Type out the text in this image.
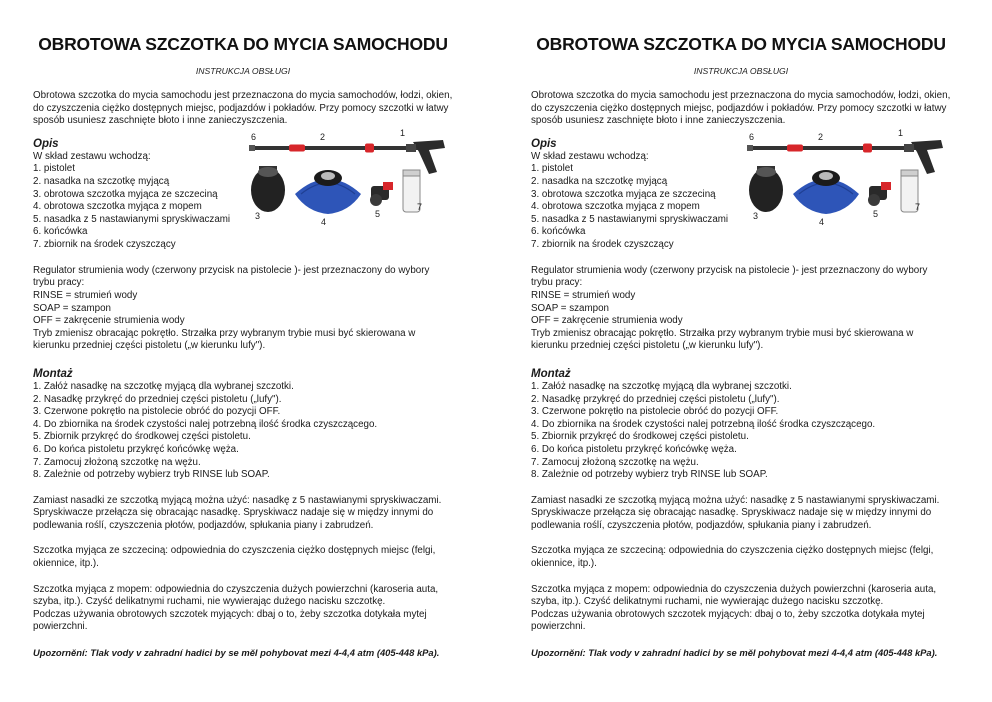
OBROTOWA SZCZOTKA DO MYCIA SAMOCHODU
INSTRUKCJA OBSŁUGI

Obrotowa szczotka do mycia samochodu jest przeznaczona do mycia samochodów, łodzi, okien, do czyszczenia ciężko dostępnych miejsc, podjazdów i pokładów. Przy pomocy szczotki w łatwy sposób usuniesz zaschnięte błoto i inne zanieczyszczenia.

Opis
W skład zestawu wchodzą:
1. pistolet
2. nasadka na szczotkę myjącą
3. obrotowa szczotka myjąca ze szczeciną
4. obrotowa szczotka myjąca z mopem
5. nasadka z 5 nastawianymi spryskiwaczami
6. końcówka
7. zbiornik na środek czyszczący
6	2	1
3
4
5
7

Regulator strumienia wody (czerwony przycisk na pistolecie )- jest przeznaczony do wybory trybu pracy:

RINSE = strumień wody

SOAP = szampon

OFF = zakręcenie strumienia wody

Tryb zmienisz obracając pokrętło. Strzałka przy wybranym trybie musi być skierowana w kierunku przedniej części pistoletu („w kierunku lufy").

Montaż

1. Załóż nasadkę na szczotkę myjącą dla wybranej szczotki.

2. Nasadkę przykręć do przedniej części pistoletu („lufy").

3. Czerwone pokrętło na pistolecie obróć do pozycji OFF.

4. Do zbiornika na środek czystości nalej potrzebną ilość środka czyszczącego.

5. Zbiornik przykręć do środkowej części pistoletu.

6. Do końca pistoletu przykręć końcówkę węża.

7. Zamocuj złożoną szczotkę na wężu.

8. Zależnie od potrzeby wybierz tryb RINSE lub SOAP.

Zamiast nasadki ze szczotką myjącą można użyć: nasadkę z 5 nastawianymi spryskiwaczami. Spryskiwacze przełącza się obracając nasadkę. Spryskiwacz nadaje się w między innymi do podlewania roślí, czyszczenia płotów, podjazdów, spłukania piany i zabrudzeń.

Szczotka myjąca ze szczeciną: odpowiednia do czyszczenia ciężko dostępnych miejsc (felgi, okiennice, itp.).

Szczotka myjąca z mopem: odpowiednia do czyszczenia dużych powierzchni (karoseria auta, szyba, itp.). Czyść delikatnymi ruchami, nie wywierając dużego nacisku szczotkę.

Podczas używania obrotowych szczotek myjących: dbaj o to, żeby szczotka dotykała mytej powierzchni.

Upozornění: Tlak vody v zahradní hadici by se měl pohybovat mezi 4-4,4 atm (405-448 kPa).

OBROTOWA SZCZOTKA DO MYCIA SAMOCHODU
INSTRUKCJA OBSŁUGI

Obrotowa szczotka do mycia samochodu jest przeznaczona do mycia samochodów, łodzi, okien, do czyszczenia ciężko dostępnych miejsc, podjazdów i pokładów. Przy pomocy szczotki w łatwy sposób usuniesz zaschnięte błoto i inne zanieczyszczenia.

Opis
W skład zestawu wchodzą:
1. pistolet
2. nasadka na szczotkę myjącą
3. obrotowa szczotka myjąca ze szczeciną
4. obrotowa szczotka myjąca z mopem
5. nasadka z 5 nastawianymi spryskiwaczami
6. końcówka
7. zbiornik na środek czyszczący
6	2	1
3
4
5
7

Regulator strumienia wody (czerwony przycisk na pistolecie )- jest przeznaczony do wybory trybu pracy:

RINSE = strumień wody

SOAP = szampon

OFF = zakręcenie strumienia wody

Tryb zmienisz obracając pokrętło. Strzałka przy wybranym trybie musi być skierowana w kierunku przedniej części pistoletu („w kierunku lufy").

Montaż

1. Załóż nasadkę na szczotkę myjącą dla wybranej szczotki.

2. Nasadkę przykręć do przedniej części pistoletu („lufy").

3. Czerwone pokrętło na pistolecie obróć do pozycji OFF.

4. Do zbiornika na środek czystości nalej potrzebną ilość środka czyszczącego.

5. Zbiornik przykręć do środkowej części pistoletu.

6. Do końca pistoletu przykręć końcówkę węża.

7. Zamocuj złożoną szczotkę na wężu.

8. Zależnie od potrzeby wybierz tryb RINSE lub SOAP.

Zamiast nasadki ze szczotką myjącą można użyć: nasadkę z 5 nastawianymi spryskiwaczami. Spryskiwacze przełącza się obracając nasadkę. Spryskiwacz nadaje się w między innymi do podlewania roślí, czyszczenia płotów, podjazdów, spłukania piany i zabrudzeń.

Szczotka myjąca ze szczeciną: odpowiednia do czyszczenia ciężko dostępnych miejsc (felgi, okiennice, itp.).

Szczotka myjąca z mopem: odpowiednia do czyszczenia dużych powierzchni (karoseria auta, szyba, itp.). Czyść delikatnymi ruchami, nie wywierając dużego nacisku szczotkę.

Podczas używania obrotowych szczotek myjących: dbaj o to, żeby szczotka dotykała mytej powierzchni.

Upozornění: Tlak vody v zahradní hadici by se měl pohybovat mezi 4-4,4 atm (405-448 kPa).
